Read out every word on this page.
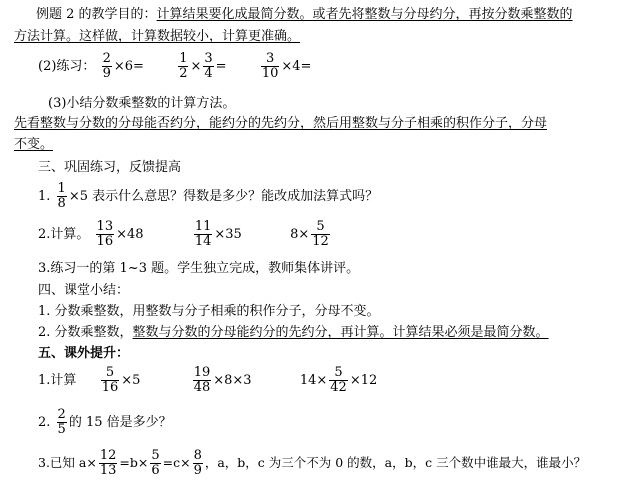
例题 2 的教学目的：计算结果要化成最简分数。或者先将整数与分母约分，再按分数乘整数的
方法计算。这样做，计算数据较小，计算更准确。
(2)练习： $\frac{2}{9} \times 6=$	$\frac{1}{2} \times \frac{3}{4}$ =	$\frac{3}{10} \times 4=$
(3)小结分数乘整数的计算方法。
先看整数与分数的分母能否约分，能约分的先约分，然后用整数与分子相乘的积作分子，分母
不变。
三、巩固练习，反馈提高
1. $\frac{1}{8} \times 5$ 表示什么意思？得数是多少？能改成加法算式吗？
2.计算。 $\frac{13}{16} \times 48$	$\frac{11}{14} \times 35$	$8\times \frac{5}{12}$
3.练习一的第 1~3 题。学生独立完成，教师集体讲评。
四、课堂小结：
1. 分数乘整数，用整数与分子相乘的积作分子，分母不变。
2. 分数乘整数，整数与分数的分母能约分的先约分，再计算。计算结果必须是最简分数。
五、课外提升：
1.计算 $\frac{5}{16} \times 5$	$\frac{19}{48} \times 8\times 3$	$14\times \frac{5}{42} \times 12$
2. $\frac{2}{5}$ 的 15 倍是多少？
3.已知 $a\times \frac{12}{13} =b\times \frac{5}{6} =c\times \frac{8}{9}$ ，a，b，c 为三个不为 0 的数，a，b，c 三个数中谁最大，谁最小？
